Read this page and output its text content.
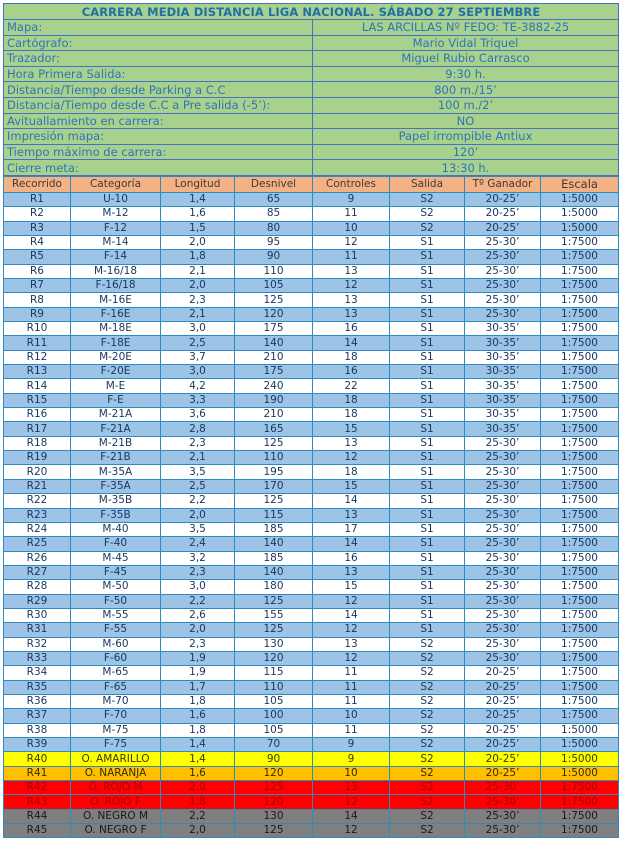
CARRERA MEDIA DISTANCIA LIGA NACIONAL. SÁBADO 27 SEPTIEMBRE	
Mapa:	LAS ARCILLAS Nº FEDO: TE-3882-25
Cartógrafo:	Mario Vidal Triquel
Trazador:	Miguel Rubio Carrasco
Hora Primera Salida:	9:30 h.
Distancia/Tiempo desde Parking a C.C	800 m./15’
Distancia/Tiempo desde C.C a Pre salida (-5’):	100 m./2’
Avituallamiento en carrera:	NO
Impresión mapa:	Papel irrompible Antiux
Tiempo máximo de carrera:	120’
Cierre meta:	13:30 h.
Recorrido	Categoría	Longitud	Desnivel	Controles	Salida	Tº Ganador	Escala
R1	U-10	1,4	65	9	S2	20-25’	1:5000
R2	M-12	1,6	85	11	S2	20-25’	1:5000
R3	F-12	1,5	80	10	S2	20-25’	1:5000
R4	M-14	2,0	95	12	S1	25-30’	1:7500
R5	F-14	1,8	90	11	S1	25-30’	1:7500
R6	M-16/18	2,1	110	13	S1	25-30’	1:7500
R7	F-16/18	2,0	105	12	S1	25-30’	1:7500
R8	M-16E	2,3	125	13	S1	25-30’	1:7500
R9	F-16E	2,1	120	13	S1	25-30’	1:7500
R10	M-18E	3,0	175	16	S1	30-35’	1:7500
R11	F-18E	2,5	140	14	S1	30-35’	1:7500
R12	M-20E	3,7	210	18	S1	30-35’	1:7500
R13	F-20E	3,0	175	16	S1	30-35’	1:7500
R14	M-E	4,2	240	22	S1	30-35’	1:7500
R15	F-E	3,3	190	18	S1	30-35’	1:7500
R16	M-21A	3,6	210	18	S1	30-35’	1:7500
R17	F-21A	2,8	165	15	S1	30-35’	1:7500
R18	M-21B	2,3	125	13	S1	25-30’	1:7500
R19	F-21B	2,1	110	12	S1	25-30’	1:7500
R20	M-35A	3,5	195	18	S1	25-30’	1:7500
R21	F-35A	2,5	170	15	S1	25-30’	1:7500
R22	M-35B	2,2	125	14	S1	25-30’	1:7500
R23	F-35B	2,0	115	13	S1	25-30’	1:7500
R24	M-40	3,5	185	17	S1	25-30’	1:7500
R25	F-40	2,4	140	14	S1	25-30’	1:7500
R26	M-45	3,2	185	16	S1	25-30’	1:7500
R27	F-45	2,3	140	13	S1	25-30’	1:7500
R28	M-50	3,0	180	15	S1	25-30’	1:7500
R29	F-50	2,2	125	12	S1	25-30’	1:7500
R30	M-55	2,6	155	14	S1	25-30’	1:7500
R31	F-55	2,0	125	12	S1	25-30’	1:7500
R32	M-60	2,3	130	13	S2	25-30’	1:7500
R33	F-60	1,9	120	12	S2	25-30’	1:7500
R34	M-65	1,9	115	11	S2	20-25’	1:7500
R35	F-65	1,7	110	11	S2	20-25’	1:7500
R36	M-70	1,8	105	11	S2	20-25’	1:7500
R37	F-70	1,6	100	10	S2	20-25’	1:7500
R38	M-75	1,8	105	11	S2	20-25’	1:5000
R39	F-75	1,4	70	9	S2	20-25’	1:5000
R40	O. AMARILLO	1,4	90	9	S2	20-25’	1:5000
R41	O. NARANJA	1,6	120	10	S2	20-25’	1:5000
R42	O. ROJO M	2,0	125	13	S2	25-30’	1:7500
R43	O. ROJO F	1,8	120	12	S2	25-30’	1:7500
R44	O. NEGRO M	2,2	130	14	S2	25-30’	1:7500
R45	O. NEGRO F	2,0	125	12	S2	25-30’	1:7500
